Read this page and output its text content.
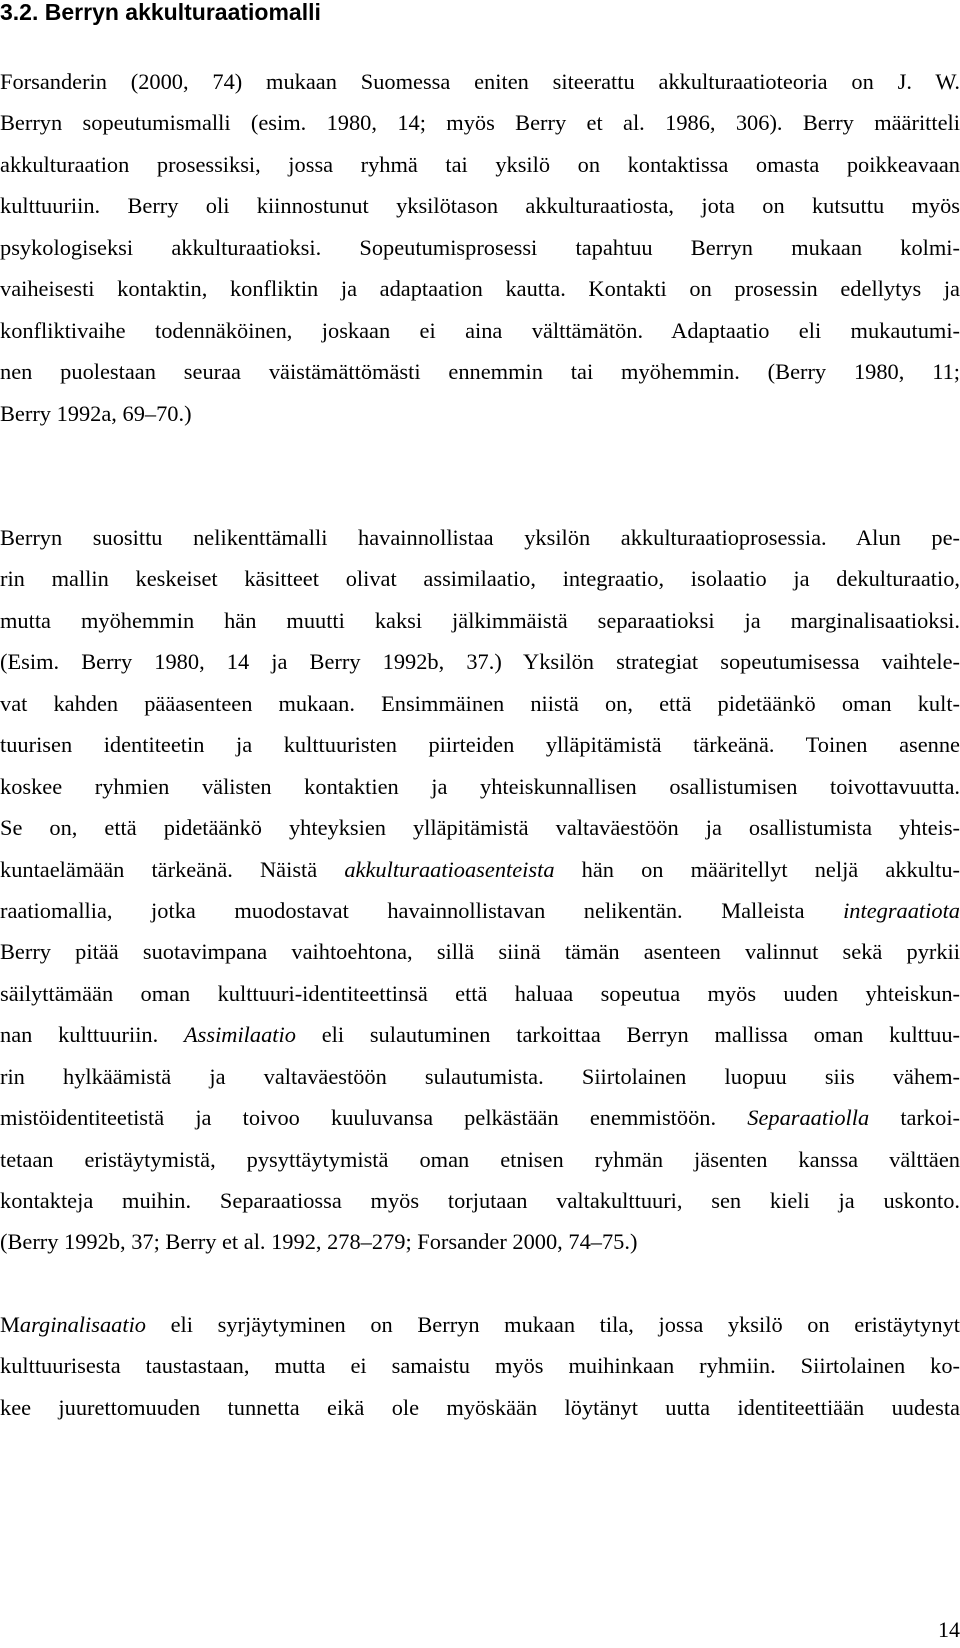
3.2. Berryn akkulturaatiomalli
Forsanderin (2000, 74) mukaan Suomessa eniten siteerattu akkulturaatioteoria on J. W.
Berryn sopeutumismalli (esim. 1980, 14; myös Berry et al. 1986, 306). Berry määritteli
akkulturaation prosessiksi, jossa ryhmä tai yksilö on kontaktissa omasta poikkeavaan
kulttuuriin. Berry oli kiinnostunut yksilötason akkulturaatiosta, jota on kutsuttu myös
psykologiseksi akkulturaatioksi. Sopeutumisprosessi tapahtuu Berryn mukaan kolmi-
vaiheisesti kontaktin, konfliktin ja adaptaation kautta. Kontakti on prosessin edellytys ja
konfliktivaihe todennäköinen, joskaan ei aina välttämätön. Adaptaatio eli mukautumi-
nen puolestaan seuraa väistämättömästi ennemmin tai myöhemmin. (Berry 1980, 11;
Berry 1992a, 69–70.)
Berryn suosittu nelikenttämalli havainnollistaa yksilön akkulturaatioprosessia. Alun pe-
rin mallin keskeiset käsitteet olivat assimilaatio, integraatio, isolaatio ja dekulturaatio,
mutta myöhemmin hän muutti kaksi jälkimmäistä separaatioksi ja marginalisaatioksi.
(Esim. Berry 1980, 14 ja Berry 1992b, 37.) Yksilön strategiat sopeutumisessa vaihtele-
vat kahden pääasenteen mukaan. Ensimmäinen niistä on, että pidetäänkö oman kult-
tuurisen identiteetin ja kulttuuristen piirteiden ylläpitämistä tärkeänä. Toinen asenne
koskee ryhmien välisten kontaktien ja yhteiskunnallisen osallistumisen toivottavuutta.
Se on, että pidetäänkö yhteyksien ylläpitämistä valtaväestöön ja osallistumista yhteis-
kuntaelämään tärkeänä. Näistä akkulturaatioasenteista hän on määritellyt neljä akkultu-
raatiomallia, jotka muodostavat havainnollistavan nelikentän. Malleista integraatiota
Berry pitää suotavimpana vaihtoehtona, sillä siinä tämän asenteen valinnut sekä pyrkii
säilyttämään oman kulttuuri-identiteettinsä että haluaa sopeutua myös uuden yhteiskun-
nan kulttuuriin. Assimilaatio eli sulautuminen tarkoittaa Berryn mallissa oman kulttuu-
rin hylkäämistä ja valtaväestöön sulautumista. Siirtolainen luopuu siis vähem-
mistöidentiteetistä ja toivoo kuuluvansa pelkästään enemmistöön. Separaatiolla tarkoi-
tetaan eristäytymistä, pysyttäytymistä oman etnisen ryhmän jäsenten kanssa välttäen
kontakteja muihin. Separaatiossa myös torjutaan valtakulttuuri, sen kieli ja uskonto.
(Berry 1992b, 37; Berry et al. 1992, 278–279; Forsander 2000, 74–75.)
Marginalisaatio eli syrjäytyminen on Berryn mukaan tila, jossa yksilö on eristäytynyt
kulttuurisesta taustastaan, mutta ei samaistu myös muihinkaan ryhmiin. Siirtolainen ko-
kee juurettomuuden tunnetta eikä ole myöskään löytänyt uutta identiteettiään uudesta
14
